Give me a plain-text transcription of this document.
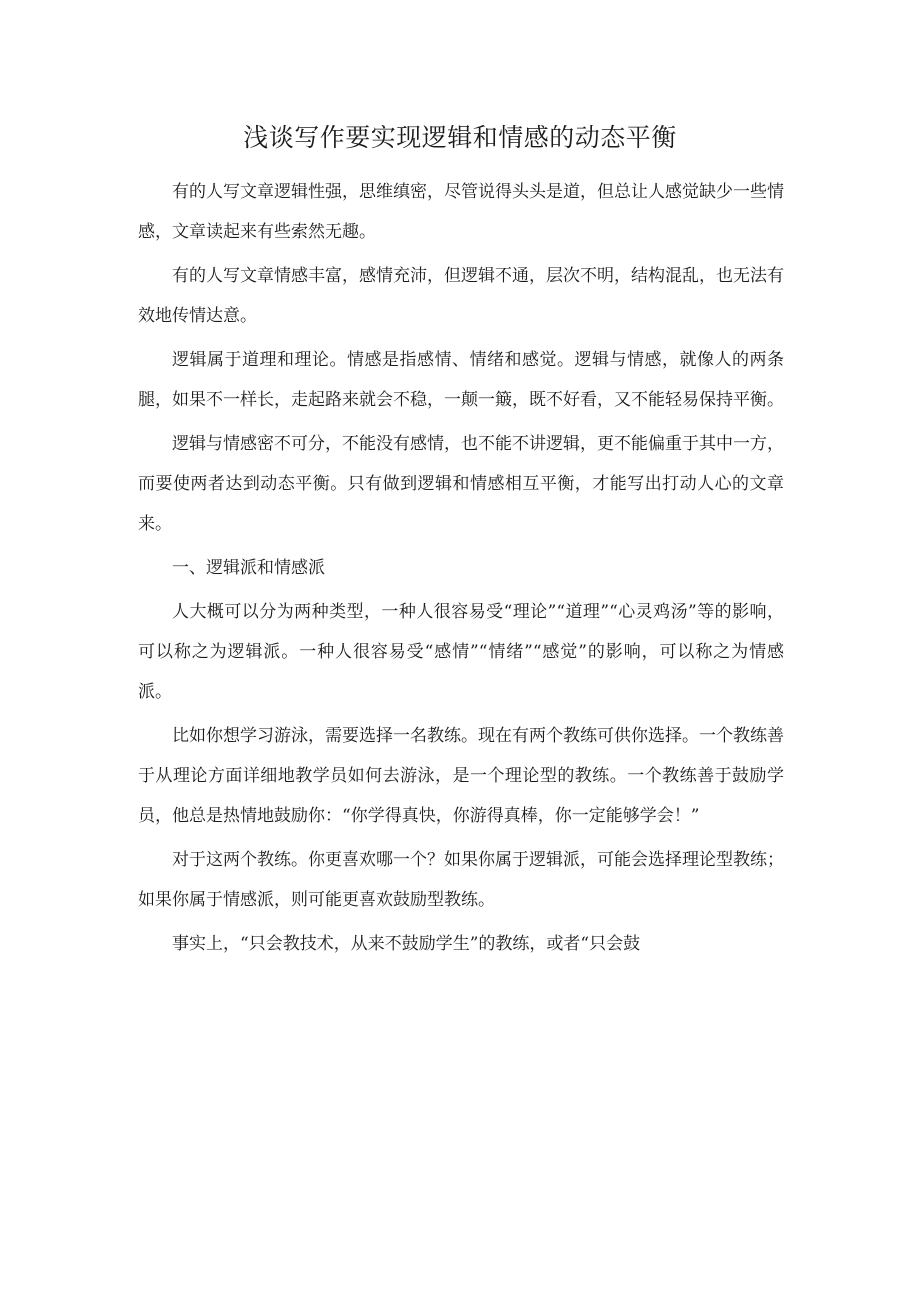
浅谈写作要实现逻辑和情感的动态平衡

有的人写文章逻辑性强，思维缜密，尽管说得头头是道，但总让人感觉缺少一些情感，文章读起来有些索然无趣。

有的人写文章情感丰富，感情充沛，但逻辑不通，层次不明，结构混乱，也无法有效地传情达意。

逻辑属于道理和理论。情感是指感情、情绪和感觉。逻辑与情感，就像人的两条腿，如果不一样长，走起路来就会不稳，一颠一簸，既不好看，又不能轻易保持平衡。

逻辑与情感密不可分，不能没有感情，也不能不讲逻辑，更不能偏重于其中一方，而要使两者达到动态平衡。只有做到逻辑和情感相互平衡，才能写出打动人心的文章来。

一、逻辑派和情感派

人大概可以分为两种类型，一种人很容易受“理论”“道理”“心灵鸡汤”等的影响，可以称之为逻辑派。一种人很容易受“感情”“情绪”“感觉”的影响，可以称之为情感派。

比如你想学习游泳，需要选择一名教练。现在有两个教练可供你选择。一个教练善于从理论方面详细地教学员如何去游泳，是一个理论型的教练。一个教练善于鼓励学员，他总是热情地鼓励你：“你学得真快，你游得真棒，你一定能够学会！”

对于这两个教练。你更喜欢哪一个？如果你属于逻辑派，可能会选择理论型教练；如果你属于情感派，则可能更喜欢鼓励型教练。

事实上，“只会教技术，从来不鼓励学生”的教练，或者“只会鼓
